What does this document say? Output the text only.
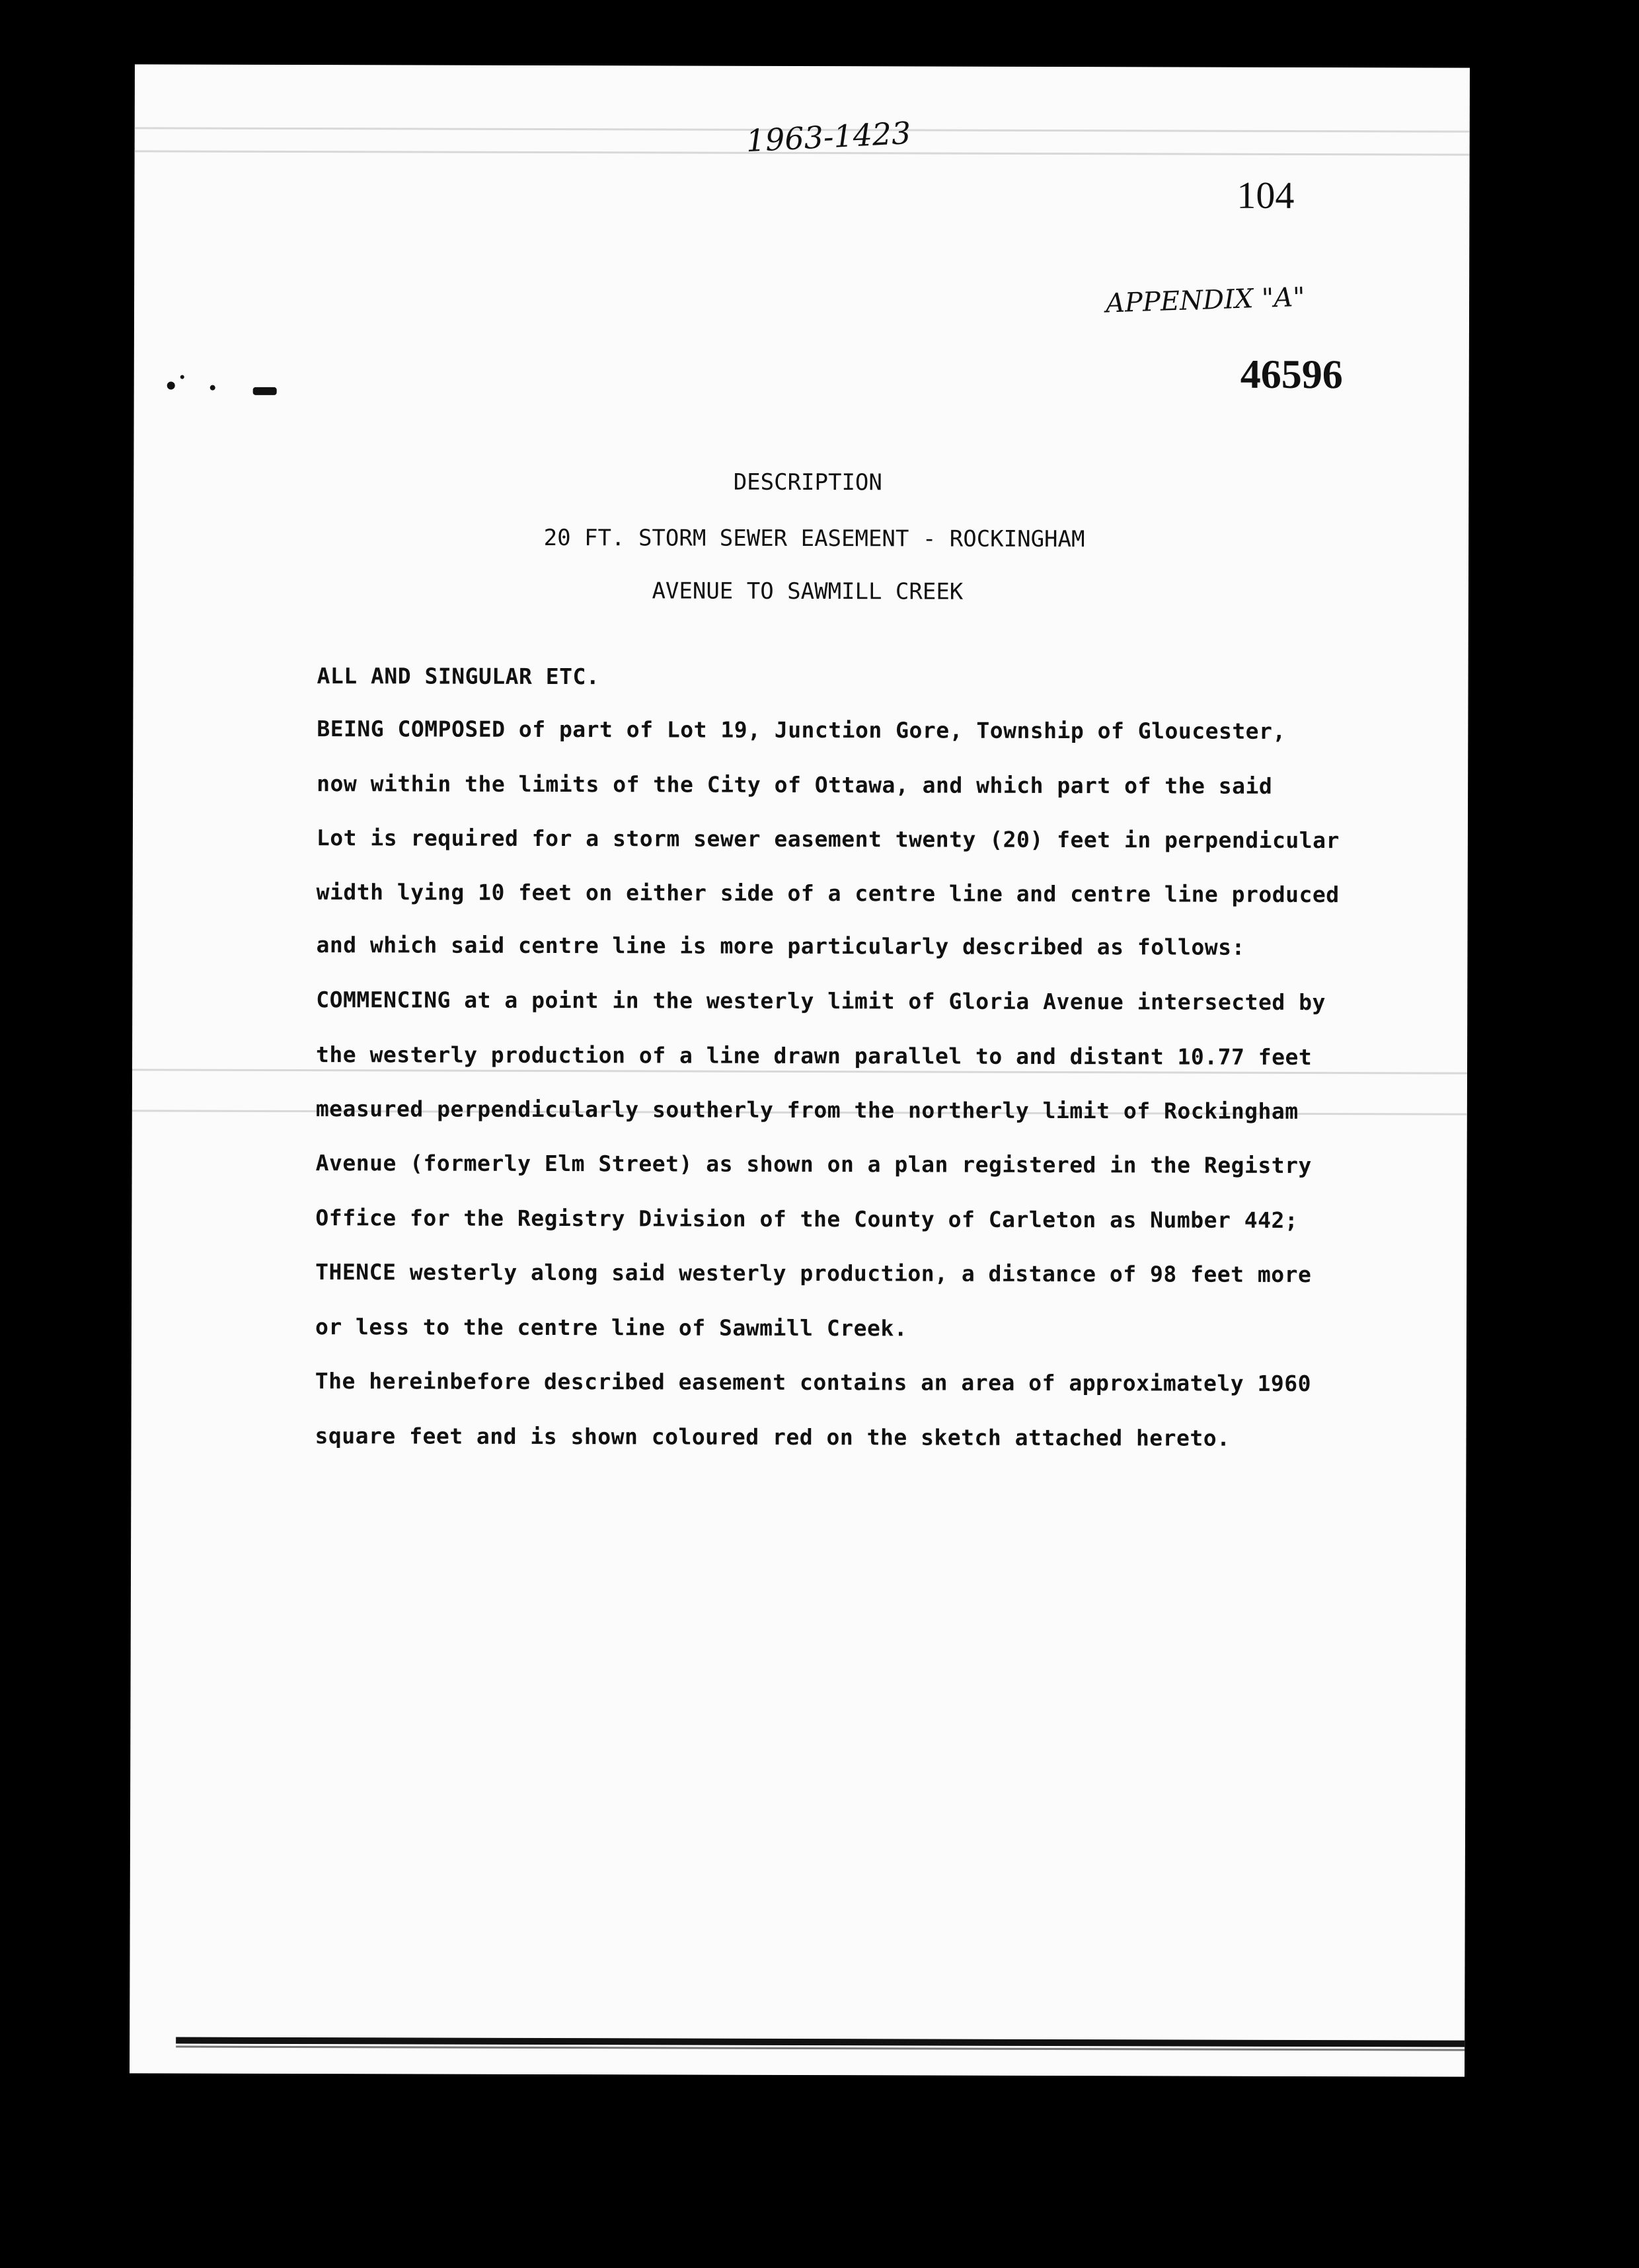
1963-1423
104
APPENDIX "A"
46596
DESCRIPTION
20 FT. STORM SEWER EASEMENT - ROCKINGHAM
AVENUE TO SAWMILL CREEK
ALL AND SINGULAR ETC.
BEING COMPOSED of part of Lot 19, Junction Gore, Township of Gloucester,
now within the limits of the City of Ottawa, and which part of the said
Lot is required for a storm sewer easement twenty (20) feet in perpendicular
width lying 10 feet on either side of a centre line and centre line produced
and which said centre line is more particularly described as follows:
COMMENCING at a point in the westerly limit of Gloria Avenue intersected by
the westerly production of a line drawn parallel to and distant 10.77 feet
measured perpendicularly southerly from the northerly limit of Rockingham
Avenue (formerly Elm Street) as shown on a plan registered in the Registry
Office for the Registry Division of the County of Carleton as Number 442;
THENCE westerly along said westerly production, a distance of 98 feet more
or less to the centre line of Sawmill Creek.
The hereinbefore described easement contains an area of approximately 1960
square feet and is shown coloured red on the sketch attached hereto.
